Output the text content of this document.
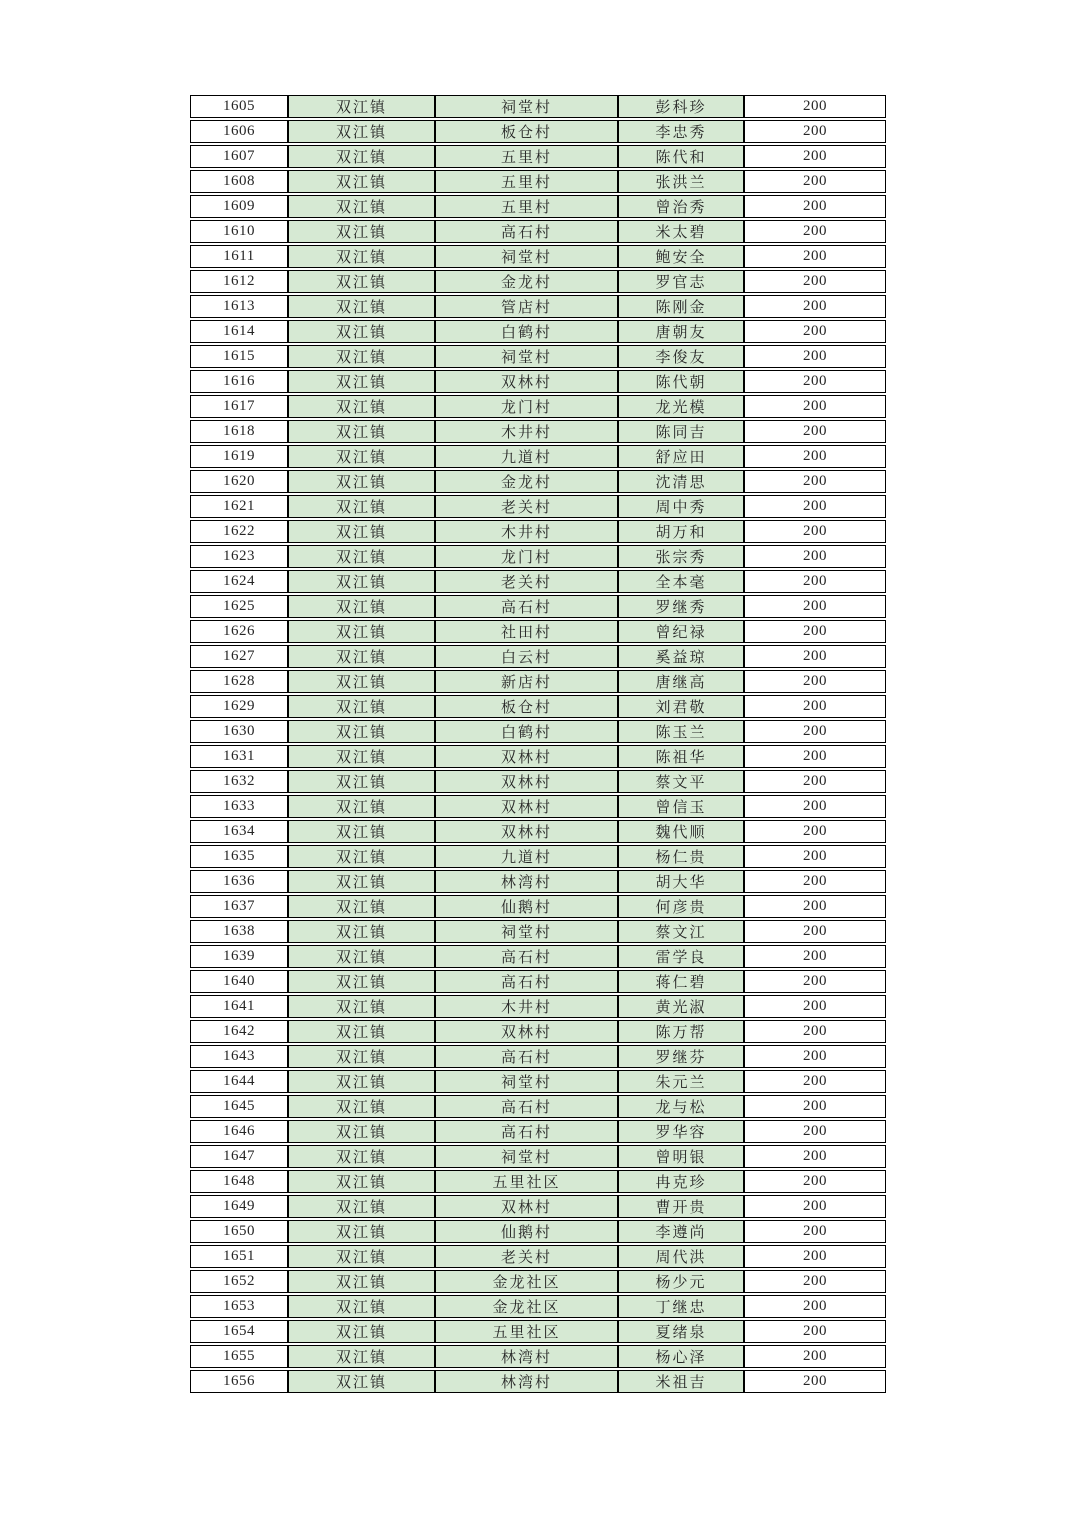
1605	双江镇	祠堂村	彭科珍	200
1606	双江镇	板仓村	李忠秀	200
1607	双江镇	五里村	陈代和	200
1608	双江镇	五里村	张洪兰	200
1609	双江镇	五里村	曾治秀	200
1610	双江镇	高石村	米太碧	200
1611	双江镇	祠堂村	鲍安全	200
1612	双江镇	金龙村	罗官志	200
1613	双江镇	管店村	陈刚金	200
1614	双江镇	白鹤村	唐朝友	200
1615	双江镇	祠堂村	李俊友	200
1616	双江镇	双林村	陈代朝	200
1617	双江镇	龙门村	龙光模	200
1618	双江镇	木井村	陈同吉	200
1619	双江镇	九道村	舒应田	200
1620	双江镇	金龙村	沈清思	200
1621	双江镇	老关村	周中秀	200
1622	双江镇	木井村	胡万和	200
1623	双江镇	龙门村	张宗秀	200
1624	双江镇	老关村	全本毫	200
1625	双江镇	高石村	罗继秀	200
1626	双江镇	社田村	曾纪禄	200
1627	双江镇	白云村	奚益琼	200
1628	双江镇	新店村	唐继高	200
1629	双江镇	板仓村	刘君敬	200
1630	双江镇	白鹤村	陈玉兰	200
1631	双江镇	双林村	陈祖华	200
1632	双江镇	双林村	蔡文平	200
1633	双江镇	双林村	曾信玉	200
1634	双江镇	双林村	魏代顺	200
1635	双江镇	九道村	杨仁贵	200
1636	双江镇	林湾村	胡大华	200
1637	双江镇	仙鹅村	何彦贵	200
1638	双江镇	祠堂村	蔡文江	200
1639	双江镇	高石村	雷学良	200
1640	双江镇	高石村	蒋仁碧	200
1641	双江镇	木井村	黄光淑	200
1642	双江镇	双林村	陈万帮	200
1643	双江镇	高石村	罗继芬	200
1644	双江镇	祠堂村	朱元兰	200
1645	双江镇	高石村	龙与松	200
1646	双江镇	高石村	罗华容	200
1647	双江镇	祠堂村	曾明银	200
1648	双江镇	五里社区	冉克珍	200
1649	双江镇	双林村	曹开贵	200
1650	双江镇	仙鹅村	李遵尚	200
1651	双江镇	老关村	周代洪	200
1652	双江镇	金龙社区	杨少元	200
1653	双江镇	金龙社区	丁继忠	200
1654	双江镇	五里社区	夏绪泉	200
1655	双江镇	林湾村	杨心泽	200
1656	双江镇	林湾村	米祖吉	200
